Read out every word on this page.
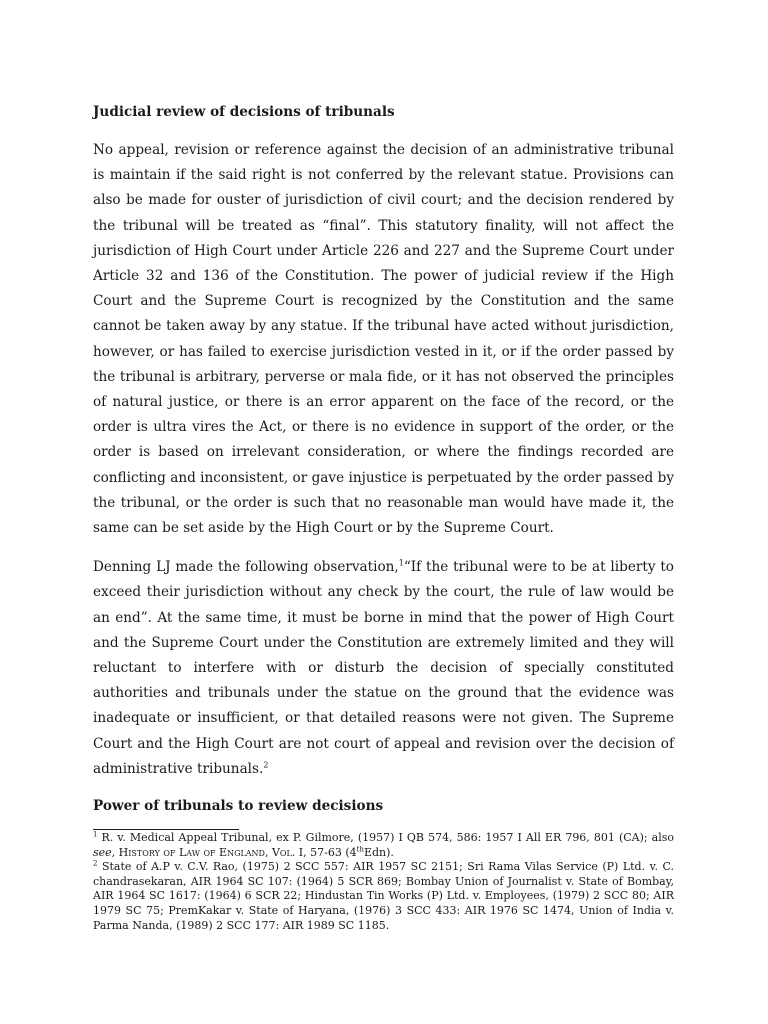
Judicial review of decisions of tribunals

No appeal, revision or reference against the decision of an administrative tribunal is maintain if the said right is not conferred by the relevant statue. Provisions can also be made for ouster of jurisdiction of civil court; and the decision rendered by the tribunal will be treated as “final”. This statutory finality, will not affect the jurisdiction of High Court under Article 226 and 227 and the Supreme Court under Article 32 and 136 of the Constitution. The power of judicial review if the High Court and the Supreme Court is recognized by the Constitution and the same cannot be taken away by any statue. If the tribunal have acted without jurisdiction, however, or has failed to exercise jurisdiction vested in it, or if the order passed by the tribunal is arbitrary, perverse or mala fide, or it has not observed the principles of natural justice, or there is an error apparent on the face of the record, or the order is ultra vires the Act, or there is no evidence in support of the order, or the order is based on irrelevant consideration, or where the findings recorded are conflicting and inconsistent, or gave injustice is perpetuated by the order passed by the tribunal, or the order is such that no reasonable man would have made it, the same can be set aside by the High Court or by the Supreme Court.

Denning LJ made the following observation,$^1$“If the tribunal were to be at liberty to exceed their jurisdiction without any check by the court, the rule of law would be an end”. At the same time, it must be borne in mind that the power of High Court and the Supreme Court under the Constitution are extremely limited and they will reluctant to interfere with or disturb the decision of specially constituted authorities and tribunals under the statue on the ground that the evidence was inadequate or insufficient, or that detailed reasons were not given. The Supreme Court and the High Court are not court of appeal and revision over the decision of administrative tribunals.$^2$

Power of tribunals to review decisions

$^1$ R. v. Medical Appeal Tribunal, ex P. Gilmore, (1957) I QB 574, 586: 1957 I All ER 796, 801 (CA); also see, History of Law of England, Vol. I, 57-63 (4thEdn).

$^2$ State of A.P v. C.V. Rao, (1975) 2 SCC 557: AIR 1957 SC 2151; Sri Rama Vilas Service (P) Ltd. v. C. chandrasekaran, AIR 1964 SC 107: (1964) 5 SCR 869; Bombay Union of Journalist v. State of Bombay, AIR 1964 SC 1617: (1964) 6 SCR 22; Hindustan Tin Works (P) Ltd. v. Employees, (1979) 2 SCC 80; AIR 1979 SC 75; PremKakar v. State of Haryana, (1976) 3 SCC 433: AIR 1976 SC 1474, Union of India v. Parma Nanda, (1989) 2 SCC 177: AIR 1989 SC 1185.
